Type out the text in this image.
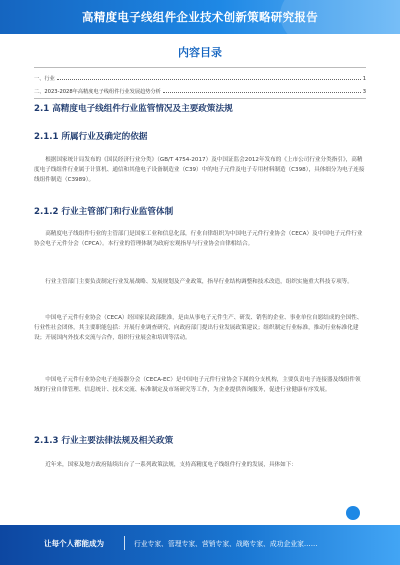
高精度电子线组件企业技术创新策略研究报告
内容目录
一、行业	1
二、2023-2028年高精度电子线组件行业发展趋势分析	3
2.1 高精度电子线组件行业监管情况及主要政策法规
2.1.1 所属行业及确定的依据

根据国家统计局发布的《国民经济行业分类》（GB/T 4754-2017）及中国证监会2012年发布的《上市公司行业分类指引》，高精度电子线组件行业属于计算机、通信和其他电子设备制造业（C39）中的电子元件及电子专用材料制造（C398），具体细分为电子连接线组件制造（C3989）。

2.1.2 行业主管部门和行业监管体制

高精度电子线组件行业的主管部门是国家工业和信息化部，行业自律组织为中国电子元件行业协会（CECA）及中国电子元件行业协会电子元件分会（CPCA）。本行业的管理体制为政府宏观指导与行业协会自律相结合。

行业主管部门主要负责制定行业发展战略、发展规划及产业政策，指导行业结构调整和技术改造，组织实施重大科技专项等。

中国电子元件行业协会（CECA）经国家民政部批准，是由从事电子元件生产、研发、销售的企业、事业单位自愿结成的全国性、行业性社会团体，其主要职能包括：开展行业调查研究，向政府部门提出行业发展政策建议；组织制定行业标准，推动行业标准化建设；开展国内外技术交流与合作，组织行业展会和培训等活动。

中国电子元件行业协会电子连接器分会（CECA-EC）是中国电子元件行业协会下属的分支机构，主要负责电子连接器及线组件领域的行业自律管理、信息统计、技术交流、标准制定及市场研究等工作，为企业提供咨询服务，促进行业健康有序发展。

2.1.3 行业主要法律法规及相关政策

近年来，国家及地方政府陆续出台了一系列政策法规，支持高精度电子线组件行业的发展，具体如下：

让每个人都能成为	行业专家、管理专家、营销专家、战略专家、成功企业家……
